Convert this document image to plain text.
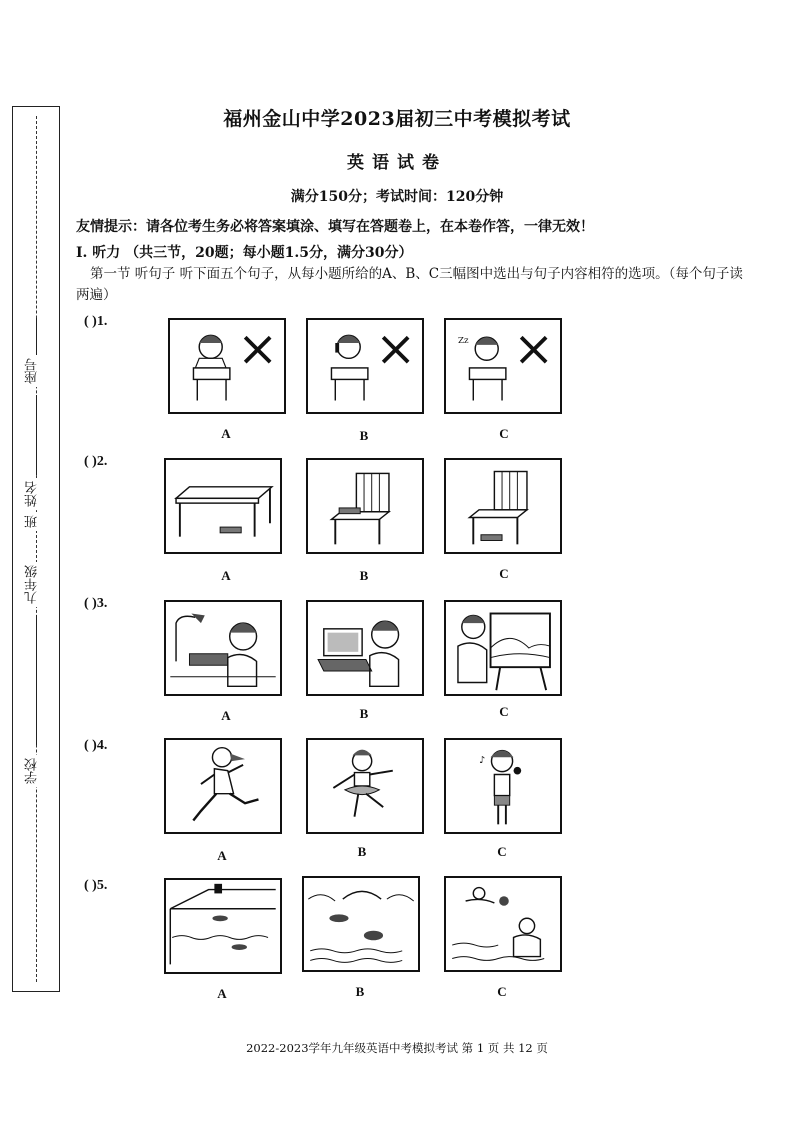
座号
姓名
班
九年级
学校
福州金山中学2023届初三中考模拟考试
英语试卷
满分150分；考试时间：120分钟
友情提示：请各位考生务必将答案填涂、填写在答题卷上，在本卷作答，一律无效！
I. 听力 （共三节，20题；每小题1.5分，满分30分）
第一节 听句子 听下面五个句子，从每小题所给的A、B、C三幅图中选出与句子内容相符的选项。（每个句子读两遍）
( )1.
Zz
A	B	C
( )2.
A	B	C
( )3.
A	B	C
( )4.
♪
A	B	C
( )5.
A	B	C
2022-2023学年九年级英语中考模拟考试 第 1 页 共 12 页
